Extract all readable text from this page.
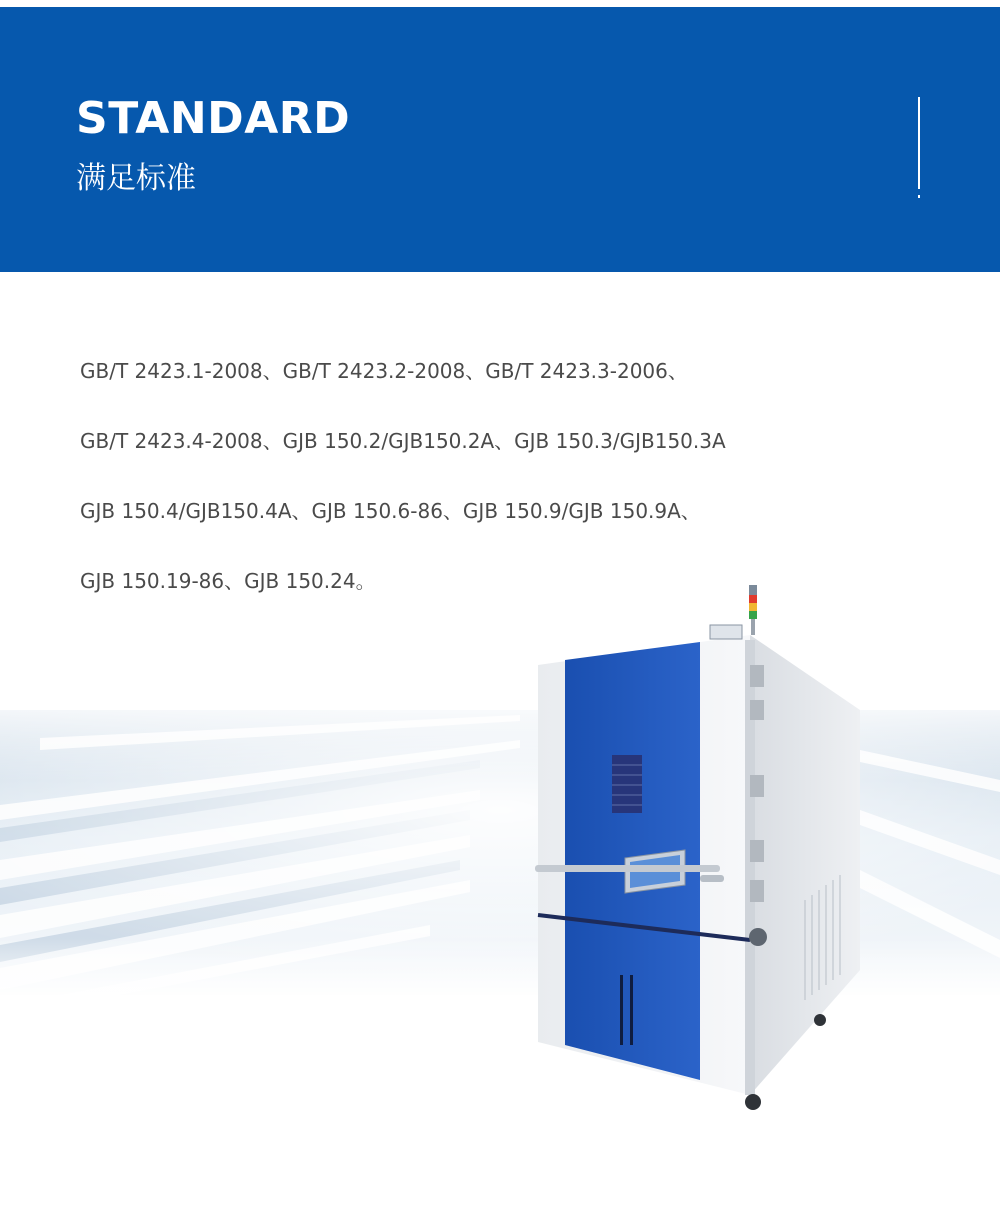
STANDARD
满足标准
GB/T 2423.1-2008、GB/T 2423.2-2008、GB/T 2423.3-2006、
GB/T 2423.4-2008、GJB 150.2/GJB150.2A、GJB 150.3/GJB150.3A
GJB 150.4/GJB150.4A、GJB 150.6-86、GJB 150.9/GJB 150.9A、
GJB 150.19-86、GJB 150.24。
